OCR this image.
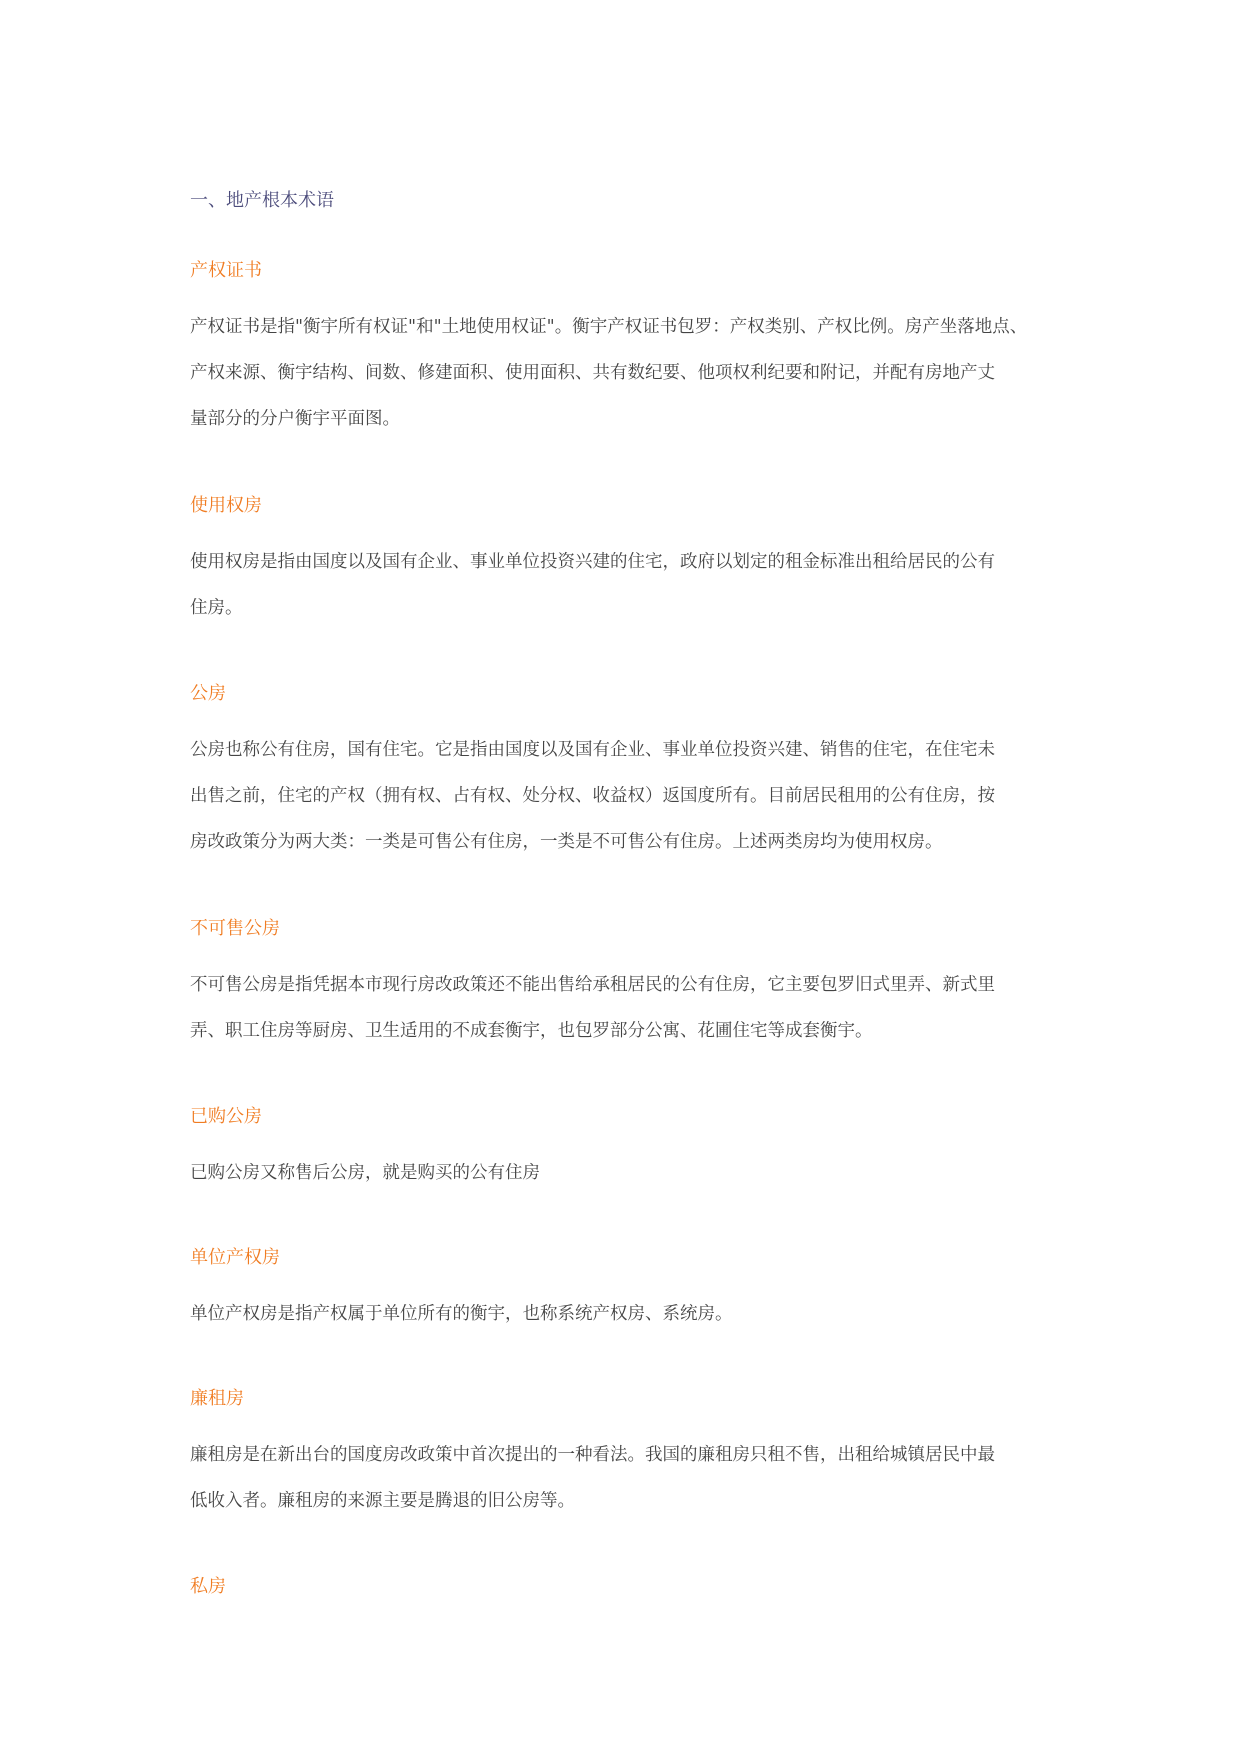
一、地产根本术语
产权证书

产权证书是指"衡宇所有权证"和"土地使用权证"。衡宇产权证书包罗：产权类别、产权比例。房产坐落地点、
产权来源、衡宇结构、间数、修建面积、使用面积、共有数纪要、他项权利纪要和附记，并配有房地产丈
量部分的分户衡宇平面图。

使用权房

使用权房是指由国度以及国有企业、事业单位投资兴建的住宅，政府以划定的租金标准出租给居民的公有
住房。

公房

公房也称公有住房，国有住宅。它是指由国度以及国有企业、事业单位投资兴建、销售的住宅，在住宅未
出售之前，住宅的产权（拥有权、占有权、处分权、收益权）返国度所有。目前居民租用的公有住房，按
房改政策分为两大类：一类是可售公有住房，一类是不可售公有住房。上述两类房均为使用权房。

不可售公房

不可售公房是指凭据本市现行房改政策还不能出售给承租居民的公有住房，它主要包罗旧式里弄、新式里
弄、职工住房等厨房、卫生适用的不成套衡宇，也包罗部分公寓、花圃住宅等成套衡宇。

已购公房

已购公房又称售后公房，就是购买的公有住房

单位产权房

单位产权房是指产权属于单位所有的衡宇，也称系统产权房、系统房。

廉租房

廉租房是在新出台的国度房改政策中首次提出的一种看法。我国的廉租房只租不售，出租给城镇居民中最
低收入者。廉租房的来源主要是腾退的旧公房等。

私房
